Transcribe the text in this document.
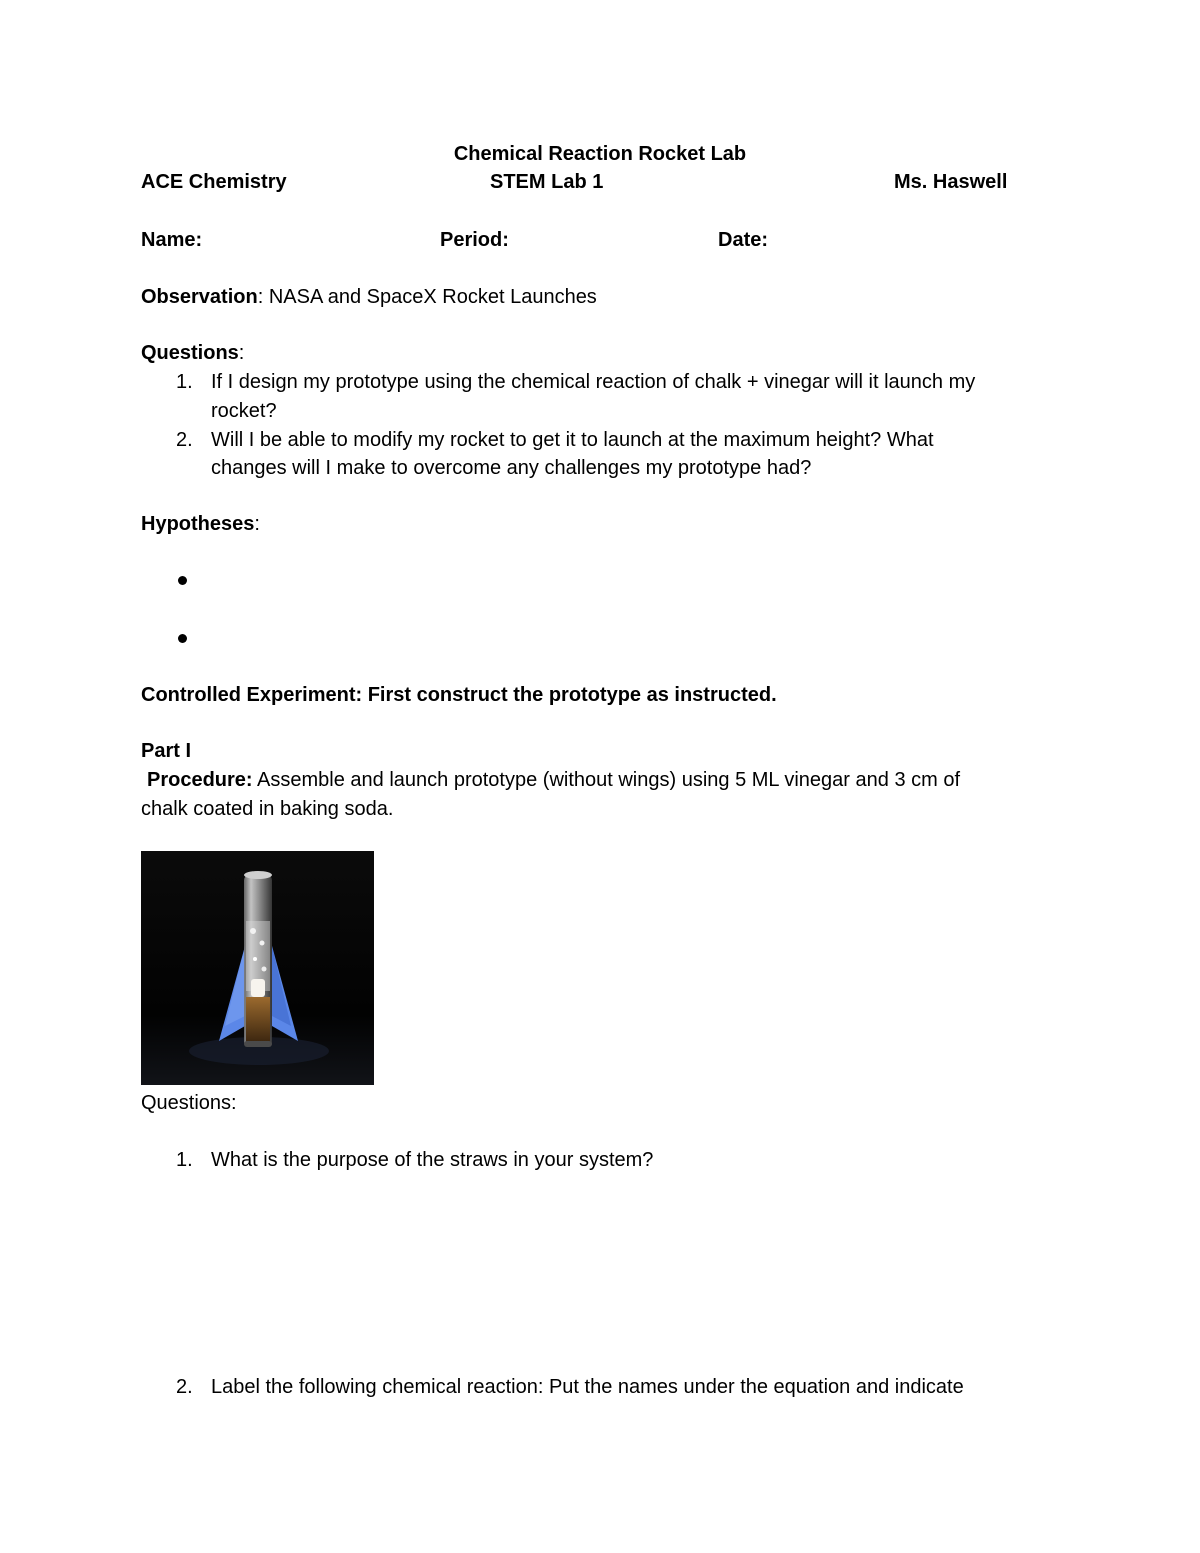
Chemical Reaction Rocket Lab
ACE Chemistry	STEM Lab 1	Ms. Haswell
Name:	Period:	Date:
Observation: NASA and SpaceX Rocket Launches
Questions:
1. If I design my prototype using the chemical reaction of chalk + vinegar will it launch my
rocket?
2. Will I be able to modify my rocket to get it to launch at the maximum height? What
changes will I make to overcome any challenges my prototype had?
Hypotheses:
Controlled Experiment: First construct the prototype as instructed.
Part I
Procedure: Assemble and launch prototype (without wings) using 5 ML vinegar and 3 cm of
chalk coated in baking soda.
Questions:
1. What is the purpose of the straws in your system?
2. Label the following chemical reaction: Put the names under the equation and indicate
